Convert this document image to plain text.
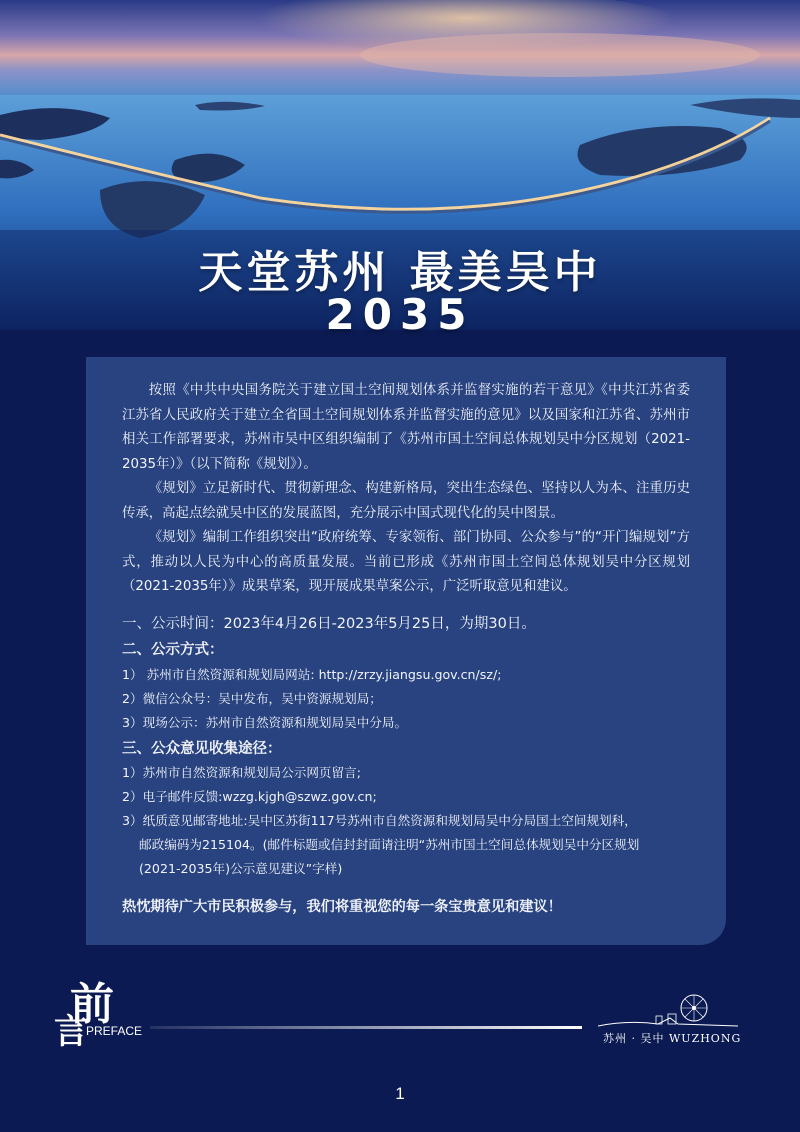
天堂苏州 最美吴中
2035

按照《中共中央国务院关于建立国土空间规划体系并监督实施的若干意见》《中共江苏省委江苏省人民政府关于建立全省国土空间规划体系并监督实施的意见》以及国家和江苏省、苏州市相关工作部署要求，苏州市吴中区组织编制了《苏州市国土空间总体规划吴中分区规划（2021-2035年）》（以下简称《规划》）。

《规划》立足新时代、贯彻新理念、构建新格局，突出生态绿色、坚持以人为本、注重历史传承，高起点绘就吴中区的发展蓝图，充分展示中国式现代化的吴中图景。

《规划》编制工作组织突出“政府统筹、专家领衔、部门协同、公众参与”的“开门编规划”方式，推动以人民为中心的高质量发展。当前已形成《苏州市国土空间总体规划吴中分区规划（2021-2035年）》成果草案，现开展成果草案公示，广泛听取意见和建议。

一、公示时间：2023年4月26日-2023年5月25日，为期30日。
二、公示方式：
1） 苏州市自然资源和规划局网站: http://zrzy.jiangsu.gov.cn/sz/;
2）微信公众号：吴中发布，吴中资源规划局；
3）现场公示：苏州市自然资源和规划局吴中分局。
三、公众意见收集途径：
1）苏州市自然资源和规划局公示网页留言;
2）电子邮件反馈:wzzg.kjgh@szwz.gov.cn;
3）纸质意见邮寄地址:吴中区苏街117号苏州市自然资源和规划局吴中分局国土空间规划科，
邮政编码为215104。(邮件标题或信封封面请注明“苏州市国土空间总体规划吴中分区规划
(2021-2035年)公示意见建议”字样)
热忱期待广大市民积极参与，我们将重视您的每一条宝贵意见和建议！
前
言
PREFACE
苏州 · 吴中 WUZHONG
1
